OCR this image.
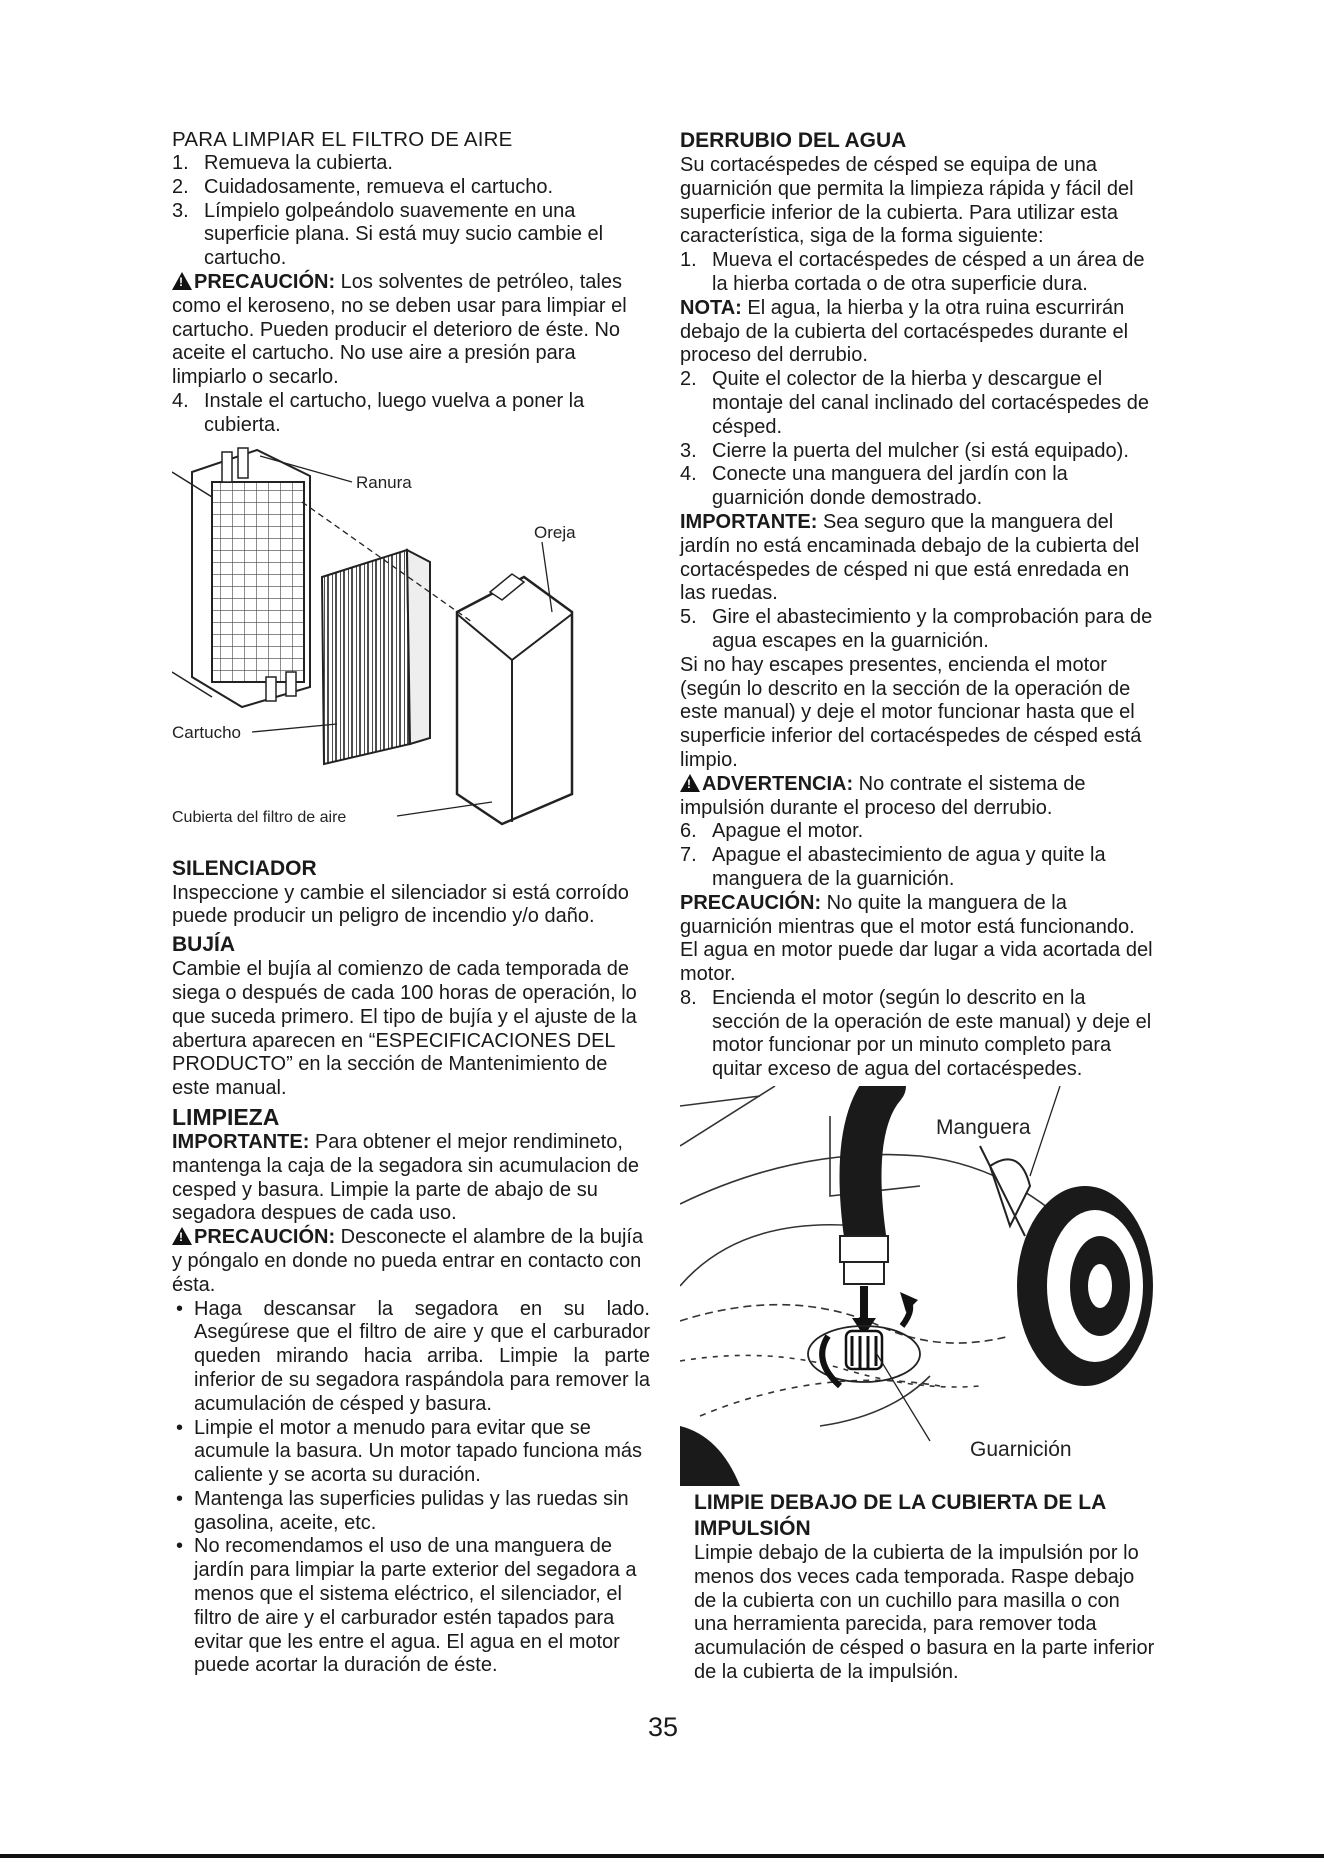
PARA LIMPIAR EL FILTRO DE AIRE

1. Remueva la cubierta.
2. Cuidadosamente, remueva el cartucho.
3. Límpielo golpeándolo suavemente en una superficie plana. Si está muy sucio cambie el cartucho.

!PRECAUCIÓN: Los solventes de petróleo, tales como el keroseno, no se deben usar para limpiar el cartucho. Pueden producir el deterioro de éste. No aceite el cartucho. No use aire a presión para limpiarlo o secarlo.

4. Instale el cartucho, luego vuelva a poner la cubierta.
Ranura
Oreja
Cartucho
Cubierta del filtro de aire

SILENCIADOR

Inspeccione y cambie el silenciador si está corroído puede producir un peligro de incendio y/o daño.

BUJÍA

Cambie el bujía al comienzo de cada temporada de siega o después de cada 100 horas de operación, lo que suceda primero. El tipo de bujía y el ajuste de la abertura aparecen en “ESPECIFICACIONES DEL PRODUCTO” en la sección de Mantenimiento de este manual.

LIMPIEZA

IMPORTANTE: Para obtener el mejor rendimineto, mantenga la caja de la segadora sin acumulacion de cesped y basura. Limpie la parte de abajo de su segadora despues de cada uso.

!PRECAUCIÓN: Desconecte el alambre de la bujía y póngalo en donde no pueda entrar en contacto con ésta.

• Haga descansar la segadora en su lado. Asegúrese que el filtro de aire y que el carburador queden mirando hacia arriba. Limpie la parte inferior de su segadora raspándola para remover la acumulación de césped y basura.
• Limpie el motor a menudo para evitar que se acumule la basura. Un motor tapado funciona más caliente y se acorta su duración.
• Mantenga las superficies pulidas y las ruedas sin gasolina, aceite, etc.
• No recomendamos el uso de una manguera de jardín para limpiar la parte exterior del segadora a menos que el sistema eléctrico, el silenciador, el filtro de aire y el carburador estén tapados para evitar que les entre el agua. El agua en el motor puede acortar la duración de éste.

DERRUBIO DEL AGUA

Su cortacéspedes de césped se equipa de una guarnición que permita la limpieza rápida y fácil del superficie inferior de la cubierta. Para utilizar esta característica, siga de la forma siguiente:

1. Mueva el cortacéspedes de césped a un área de la hierba cortada o de otra superficie dura.

NOTA: El agua, la hierba y la otra ruina escurrirán debajo de la cubierta del cortacéspedes durante el proceso del derrubio.

2. Quite el colector de la hierba y descargue el montaje del canal inclinado del cortacéspedes de césped.
3. Cierre la puerta del mulcher (si está equipado).
4. Conecte una manguera del jardín con la guarnición donde demostrado.

IMPORTANTE: Sea seguro que la manguera del jardín no está encaminada debajo de la cubierta del cortacéspedes de césped ni que está enredada en las ruedas.

5. Gire el abastecimiento y la comprobación para de agua escapes en la guarnición.

Si no hay escapes presentes, encienda el motor (según lo descrito en la sección de la operación de este manual) y deje el motor funcionar hasta que el superficie inferior del cortacéspedes de césped está limpio.

!ADVERTENCIA: No contrate el sistema de impulsión durante el proceso del derrubio.

6. Apague el motor.
7. Apague el abastecimiento de agua y quite la manguera de la guarnición.

PRECAUCIÓN: No quite la manguera de la guarnición mientras que el motor está funcionando. El agua en motor puede dar lugar a vida acortada del motor.

8. Encienda el motor (según lo descrito en la sección de la operación de este manual) y deje el motor funcionar por un minuto completo para quitar exceso de agua del cortacéspedes.
Manguera
Guarnición

LIMPIE DEBAJO DE LA CUBIERTA DE LA IMPULSIÓN

Limpie debajo de la cubierta de la impulsión por lo menos dos veces cada temporada. Raspe debajo de la cubierta con un cuchillo para masilla o con una herramienta parecida, para remover toda acumulación de césped o basura en la parte inferior de la cubierta de la impulsión.

35
